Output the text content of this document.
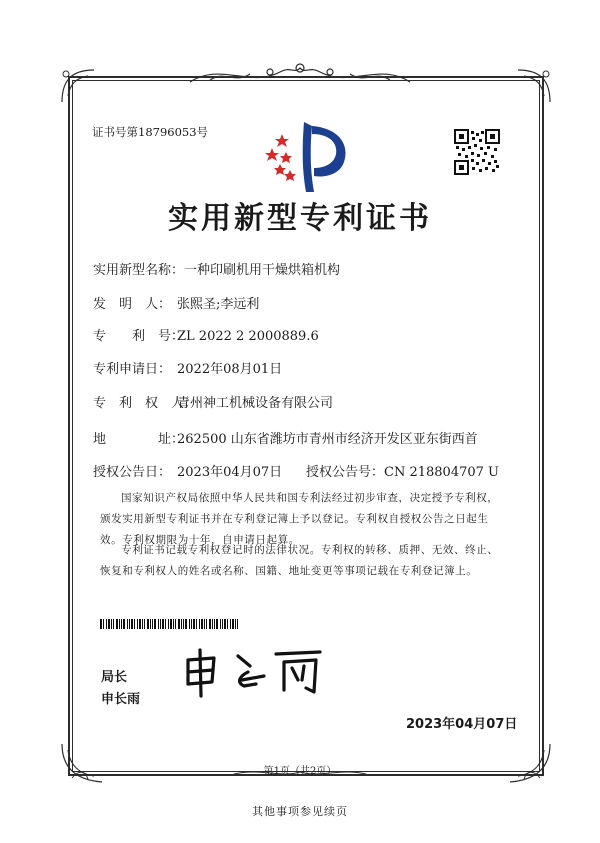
证书号第18796053号
实用新型专利证书
实用新型名称：一种印刷机用干燥烘箱机构
发　明　人： 张熙圣;李远利
专　　利　号：ZL 2022 2 2000889.6
专利申请日： 2022年08月01日
专　利　权　人：青州神工机械设备有限公司
地　　　　址：262500 山东省潍坊市青州市经济开发区亚东街西首
授权公告日： 2023年04月07日 授权公告号：CN 218804707 U
国家知识产权局依照中华人民共和国专利法经过初步审查，决定授予专利权，颁发实用新型专利证书并在专利登记簿上予以登记。专利权自授权公告之日起生效。专利权期限为十年，自申请日起算。
专利证书记载专利权登记时的法律状况。专利权的转移、质押、无效、终止、恢复和专利权人的姓名或名称、国籍、地址变更等事项记载在专利登记簿上。
局长
申长雨
2023年04月07日
第1页（共2页）
其他事项参见续页
